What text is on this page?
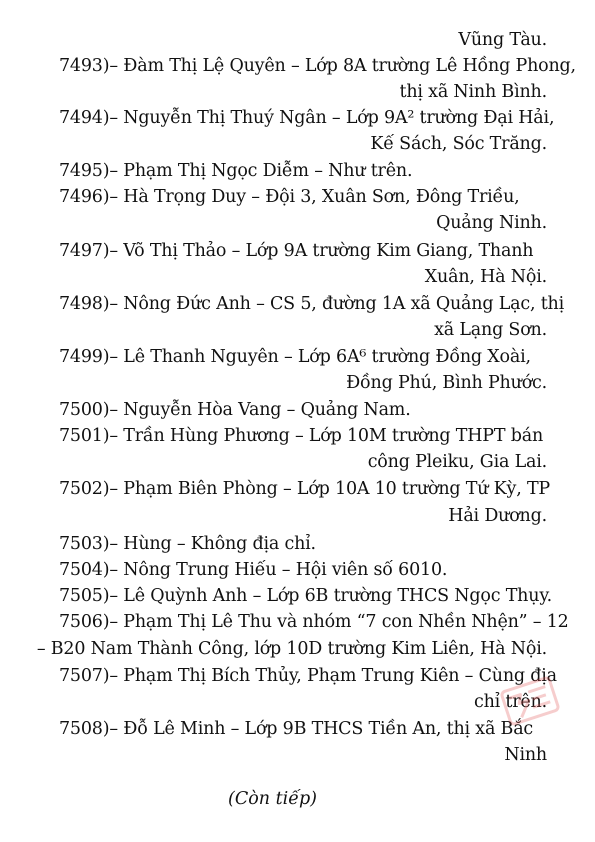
Vũng Tàu.
7493)– Đàm Thị Lệ Quyên – Lớp 8A trường Lê Hồng Phong,
thị xã Ninh Bình.
7494)– Nguyễn Thị Thuý Ngân – Lớp 9A² trường Đại Hải,
Kế Sách, Sóc Trăng.
7495)– Phạm Thị Ngọc Diễm – Như trên.
7496)– Hà Trọng Duy – Đội 3, Xuân Sơn, Đông Triều,
Quảng Ninh.
7497)– Võ Thị Thảo – Lớp 9A trường Kim Giang, Thanh
Xuân, Hà Nội.
7498)– Nông Đức Anh – CS 5, đường 1A xã Quảng Lạc, thị
xã Lạng Sơn.
7499)– Lê Thanh Nguyên – Lớp 6A⁶ trường Đồng Xoài,
Đồng Phú, Bình Phước.
7500)– Nguyễn Hòa Vang – Quảng Nam.
7501)– Trần Hùng Phương – Lớp 10M trường THPT bán
công Pleiku, Gia Lai.
7502)– Phạm Biên Phòng – Lớp 10A 10 trường Tứ Kỳ, TP
Hải Dương.
7503)– Hùng – Không địa chỉ.
7504)– Nông Trung Hiếu – Hội viên số 6010.
7505)– Lê Quỳnh Anh – Lớp 6B trường THCS Ngọc Thụy.
7506)– Phạm Thị Lê Thu và nhóm “7 con Nhền Nhện” – 12
– B20 Nam Thành Công, lớp 10D trường Kim Liên, Hà Nội.
7507)– Phạm Thị Bích Thủy, Phạm Trung Kiên – Cùng địa
chỉ trên.
7508)– Đỗ Lê Minh – Lớp 9B THCS Tiền An, thị xã Bắc
Ninh
(Còn tiếp)
